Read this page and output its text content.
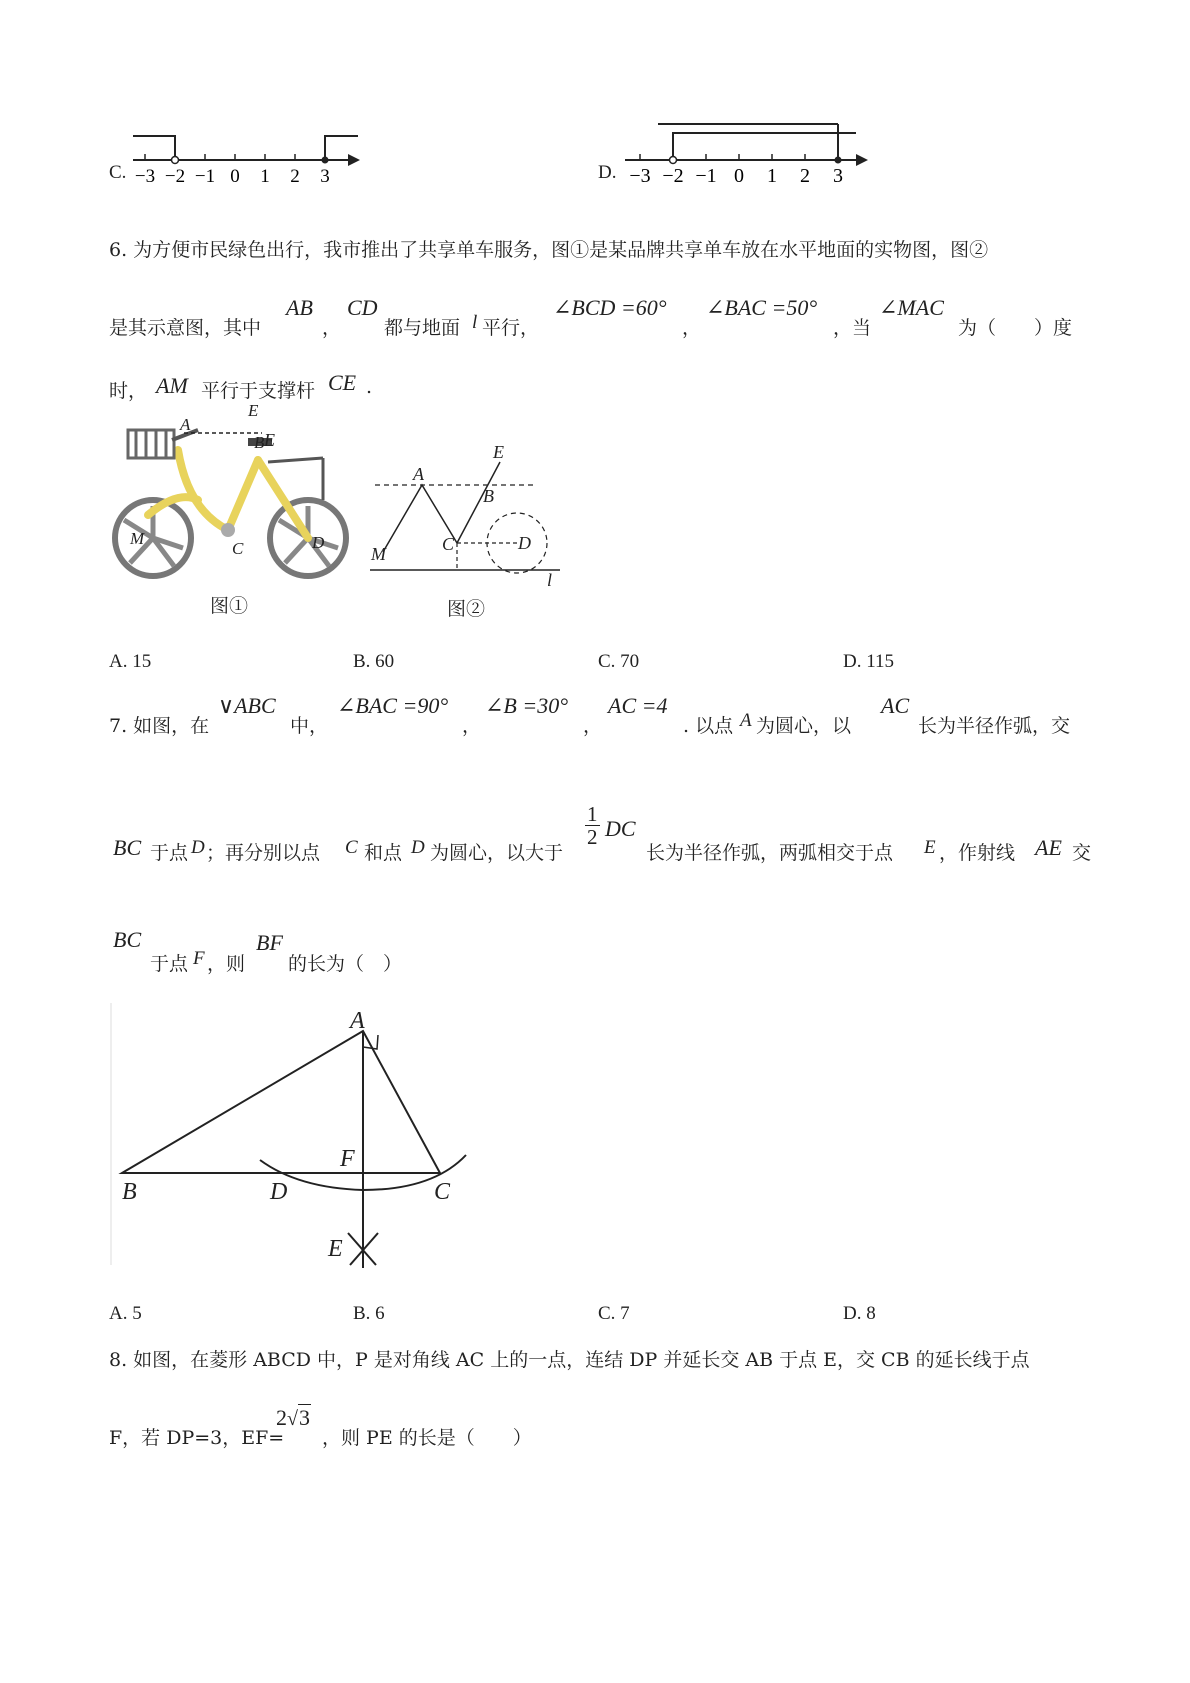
C. −3 −2 −1 0 1 2 3	D. −3 −2 −1 0 1 2 3
6. 为方便市民绿色出行，我市推出了共享单车服务，图①是某品牌共享单车放在水平地面的实物图，图②
是其示意图，其中
AB
，
CD
都与地面 l 平行，
∠BCD =60°
，
∠BAC =50°
，当
∠MAC
为（　　）度
时， AM 平行于支撑杆 CE .
A
E
B
M
C	D
E
图①
A
E
B
M	C	D
l
图②
A. 15	B. 60	C. 70	D. 115
7. 如图，在
∨ABC
中，
∠BAC =90°
，
∠B =30°
，
AC =4
. 以点 A 为圆心，以
AC
长为半径作弧，交
BC 于点 D ；再分别以点 C 和点 D 为圆心，以大于
$\frac{1}{2}$ DC
长为半径作弧，两弧相交于点 E ，作射线 AE 交
BC
于点 F ，则
BF
的长为（　）
A
B	C
D
E
F
A. 5	B. 6	C. 7	D. 8
8. 如图，在菱形 ABCD 中，P 是对角线 AC 上的一点，连结 DP 并延长交 AB 于点 E，交 CB 的延长线于点
F，若 DP=3，EF=
2√3
，则 PE 的长是（　　）
